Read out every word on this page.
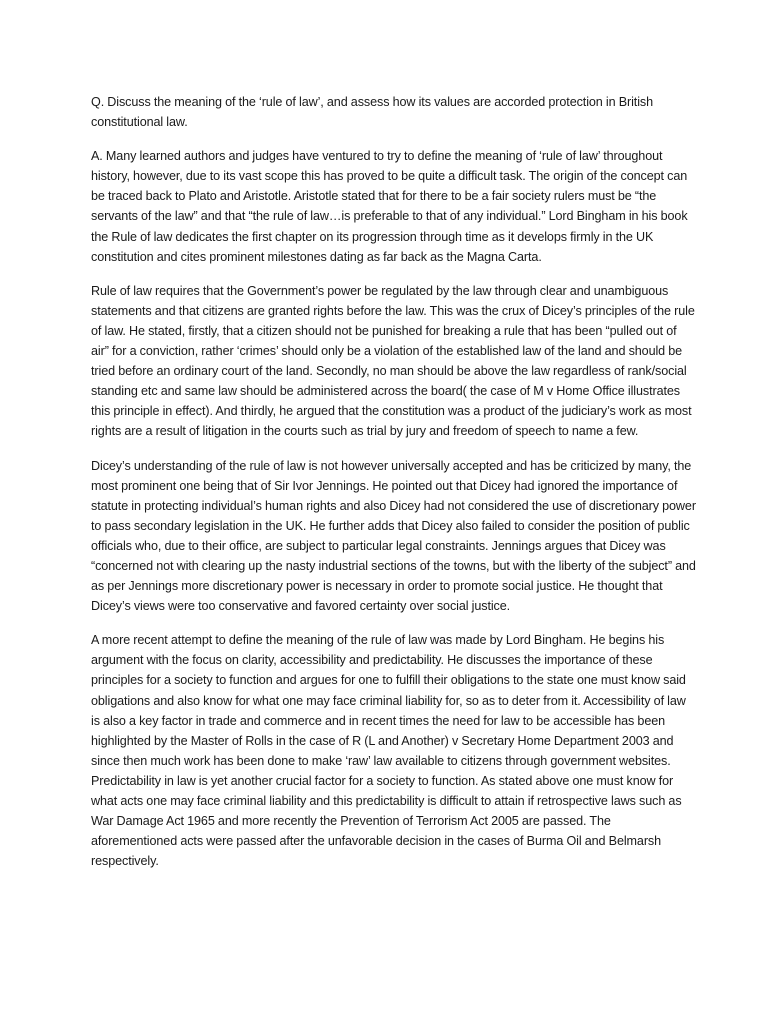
Q. Discuss the meaning of the ‘rule of law’, and assess how its values are accorded protection in British constitutional law.

A. Many learned authors and judges have ventured to try to define the meaning of ‘rule of law’ throughout history, however, due to its vast scope this has proved to be quite a difficult task. The origin of the concept can be traced back to Plato and Aristotle. Aristotle stated that for there to be a fair society rulers must be “the servants of the law” and that “the rule of law…is preferable to that of any individual.” Lord Bingham in his book the Rule of law dedicates the first chapter on its progression through time as it develops firmly in the UK constitution and cites prominent milestones dating as far back as the Magna Carta.

Rule of law requires that the Government’s power be regulated by the law through clear and unambiguous statements and that citizens are granted rights before the law. This was the crux of Dicey’s principles of the rule of law. He stated, firstly, that a citizen should not be punished for breaking a rule that has been “pulled out of air” for a conviction, rather ‘crimes’ should only be a violation of the established law of the land and should be tried before an ordinary court of the land. Secondly, no man should be above the law regardless of rank/social standing etc and same law should be administered across the board( the case of M v Home Office illustrates this principle in effect). And thirdly, he argued that the constitution was a product of the judiciary’s work as most rights are a result of litigation in the courts such as trial by jury and freedom of speech to name a few.

Dicey’s understanding of the rule of law is not however universally accepted and has be criticized by many, the most prominent one being that of Sir Ivor Jennings. He pointed out that Dicey had ignored the importance of statute in protecting individual’s human rights and also Dicey had not considered the use of discretionary power to pass secondary legislation in the UK. He further adds that Dicey also failed to consider the position of public officials who, due to their office, are subject to particular legal constraints. Jennings argues that Dicey was “concerned not with clearing up the nasty industrial sections of the towns, but with the liberty of the subject” and as per Jennings more discretionary power is necessary in order to promote social justice. He thought that Dicey’s views were too conservative and favored certainty over social justice.

A more recent attempt to define the meaning of the rule of law was made by Lord Bingham. He begins his argument with the focus on clarity, accessibility and predictability. He discusses the importance of these principles for a society to function and argues for one to fulfill their obligations to the state one must know said obligations and also know for what one may face criminal liability for, so as to deter from it. Accessibility of law is also a key factor in trade and commerce and in recent times the need for law to be accessible has been highlighted by the Master of Rolls in the case of R (L and Another) v Secretary Home Department 2003 and since then much work has been done to make ‘raw’ law available to citizens through government websites. Predictability in law is yet another crucial factor for a society to function. As stated above one must know for what acts one may face criminal liability and this predictability is difficult to attain if retrospective laws such as War Damage Act 1965 and more recently the Prevention of Terrorism Act 2005 are passed. The aforementioned acts were passed after the unfavorable decision in the cases of Burma Oil and Belmarsh respectively.
